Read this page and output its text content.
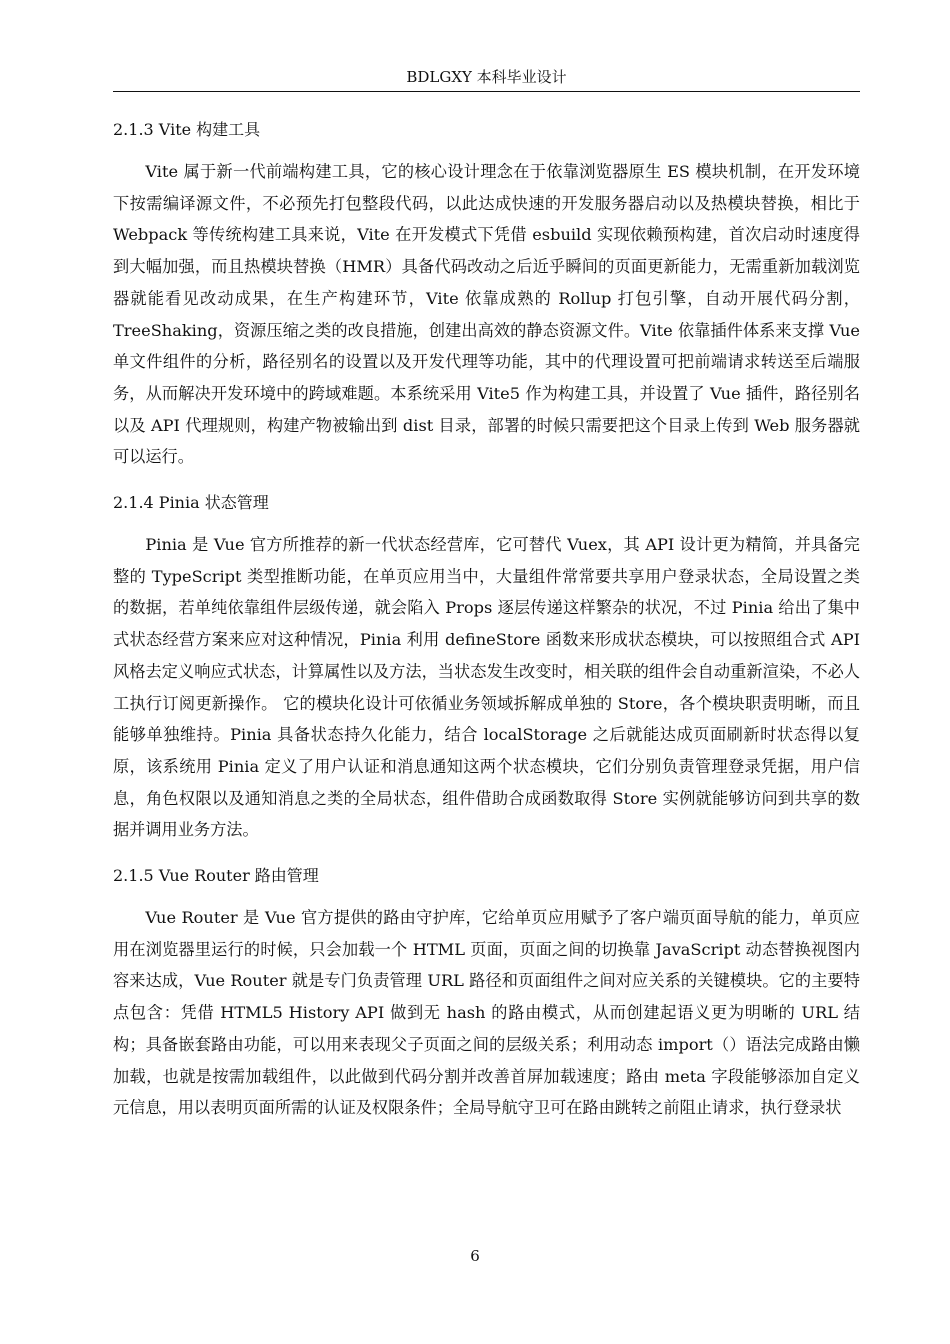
BDLGXY 本科毕业设计
2.1.3 Vite 构建工具

Vite 属于新一代前端构建工具，它的核心设计理念在于依靠浏览器原生 ES 模块机制，在开发环境下按需编译源文件，不必预先打包整段代码，以此达成快速的开发服务器启动以及热模块替换，相比于 Webpack 等传统构建工具来说，Vite 在开发模式下凭借 esbuild 实现依赖预构建，首次启动时速度得到大幅加强，而且热模块替换（HMR）具备代码改动之后近乎瞬间的页面更新能力，无需重新加载浏览器就能看见改动成果，在生产构建环节，Vite 依靠成熟的 Rollup 打包引擎，自动开展代码分割，TreeShaking，资源压缩之类的改良措施，创建出高效的静态资源文件。Vite 依靠插件体系来支撑 Vue 单文件组件的分析，路径别名的设置以及开发代理等功能，其中的代理设置可把前端请求转送至后端服务，从而解决开发环境中的跨域难题。本系统采用 Vite5 作为构建工具，并设置了 Vue 插件，路径别名以及 API 代理规则，构建产物被输出到 dist 目录，部署的时候只需要把这个目录上传到 Web 服务器就可以运行。

2.1.4 Pinia 状态管理

Pinia 是 Vue 官方所推荐的新一代状态经营库，它可替代 Vuex，其 API 设计更为精简，并具备完整的 TypeScript 类型推断功能，在单页应用当中，大量组件常常要共享用户登录状态，全局设置之类的数据，若单纯依靠组件层级传递，就会陷入 Props 逐层传递这样繁杂的状况，不过 Pinia 给出了集中式状态经营方案来应对这种情况，Pinia 利用 defineStore 函数来形成状态模块，可以按照组合式 API 风格去定义响应式状态，计算属性以及方法，当状态发生改变时，相关联的组件会自动重新渲染，不必人工执行订阅更新操作。 它的模块化设计可依循业务领域拆解成单独的 Store，各个模块职责明晰，而且能够单独维持。Pinia 具备状态持久化能力，结合 localStorage 之后就能达成页面刷新时状态得以复原，该系统用 Pinia 定义了用户认证和消息通知这两个状态模块，它们分别负责管理登录凭据，用户信息，角色权限以及通知消息之类的全局状态，组件借助合成函数取得 Store 实例就能够访问到共享的数据并调用业务方法。

2.1.5 Vue Router 路由管理

Vue Router 是 Vue 官方提供的路由守护库，它给单页应用赋予了客户端页面导航的能力，单页应用在浏览器里运行的时候，只会加载一个 HTML 页面，页面之间的切换靠 JavaScript 动态替换视图内容来达成，Vue Router 就是专门负责管理 URL 路径和页面组件之间对应关系的关键模块。它的主要特点包含：凭借 HTML5 History API 做到无 hash 的路由模式，从而创建起语义更为明晰的 URL 结构；具备嵌套路由功能，可以用来表现父子页面之间的层级关系；利用动态 import（）语法完成路由懒加载，也就是按需加载组件，以此做到代码分割并改善首屏加载速度；路由 meta 字段能够添加自定义元信息，用以表明页面所需的认证及权限条件；全局导航守卫可在路由跳转之前阻止请求，执行登录状

6
